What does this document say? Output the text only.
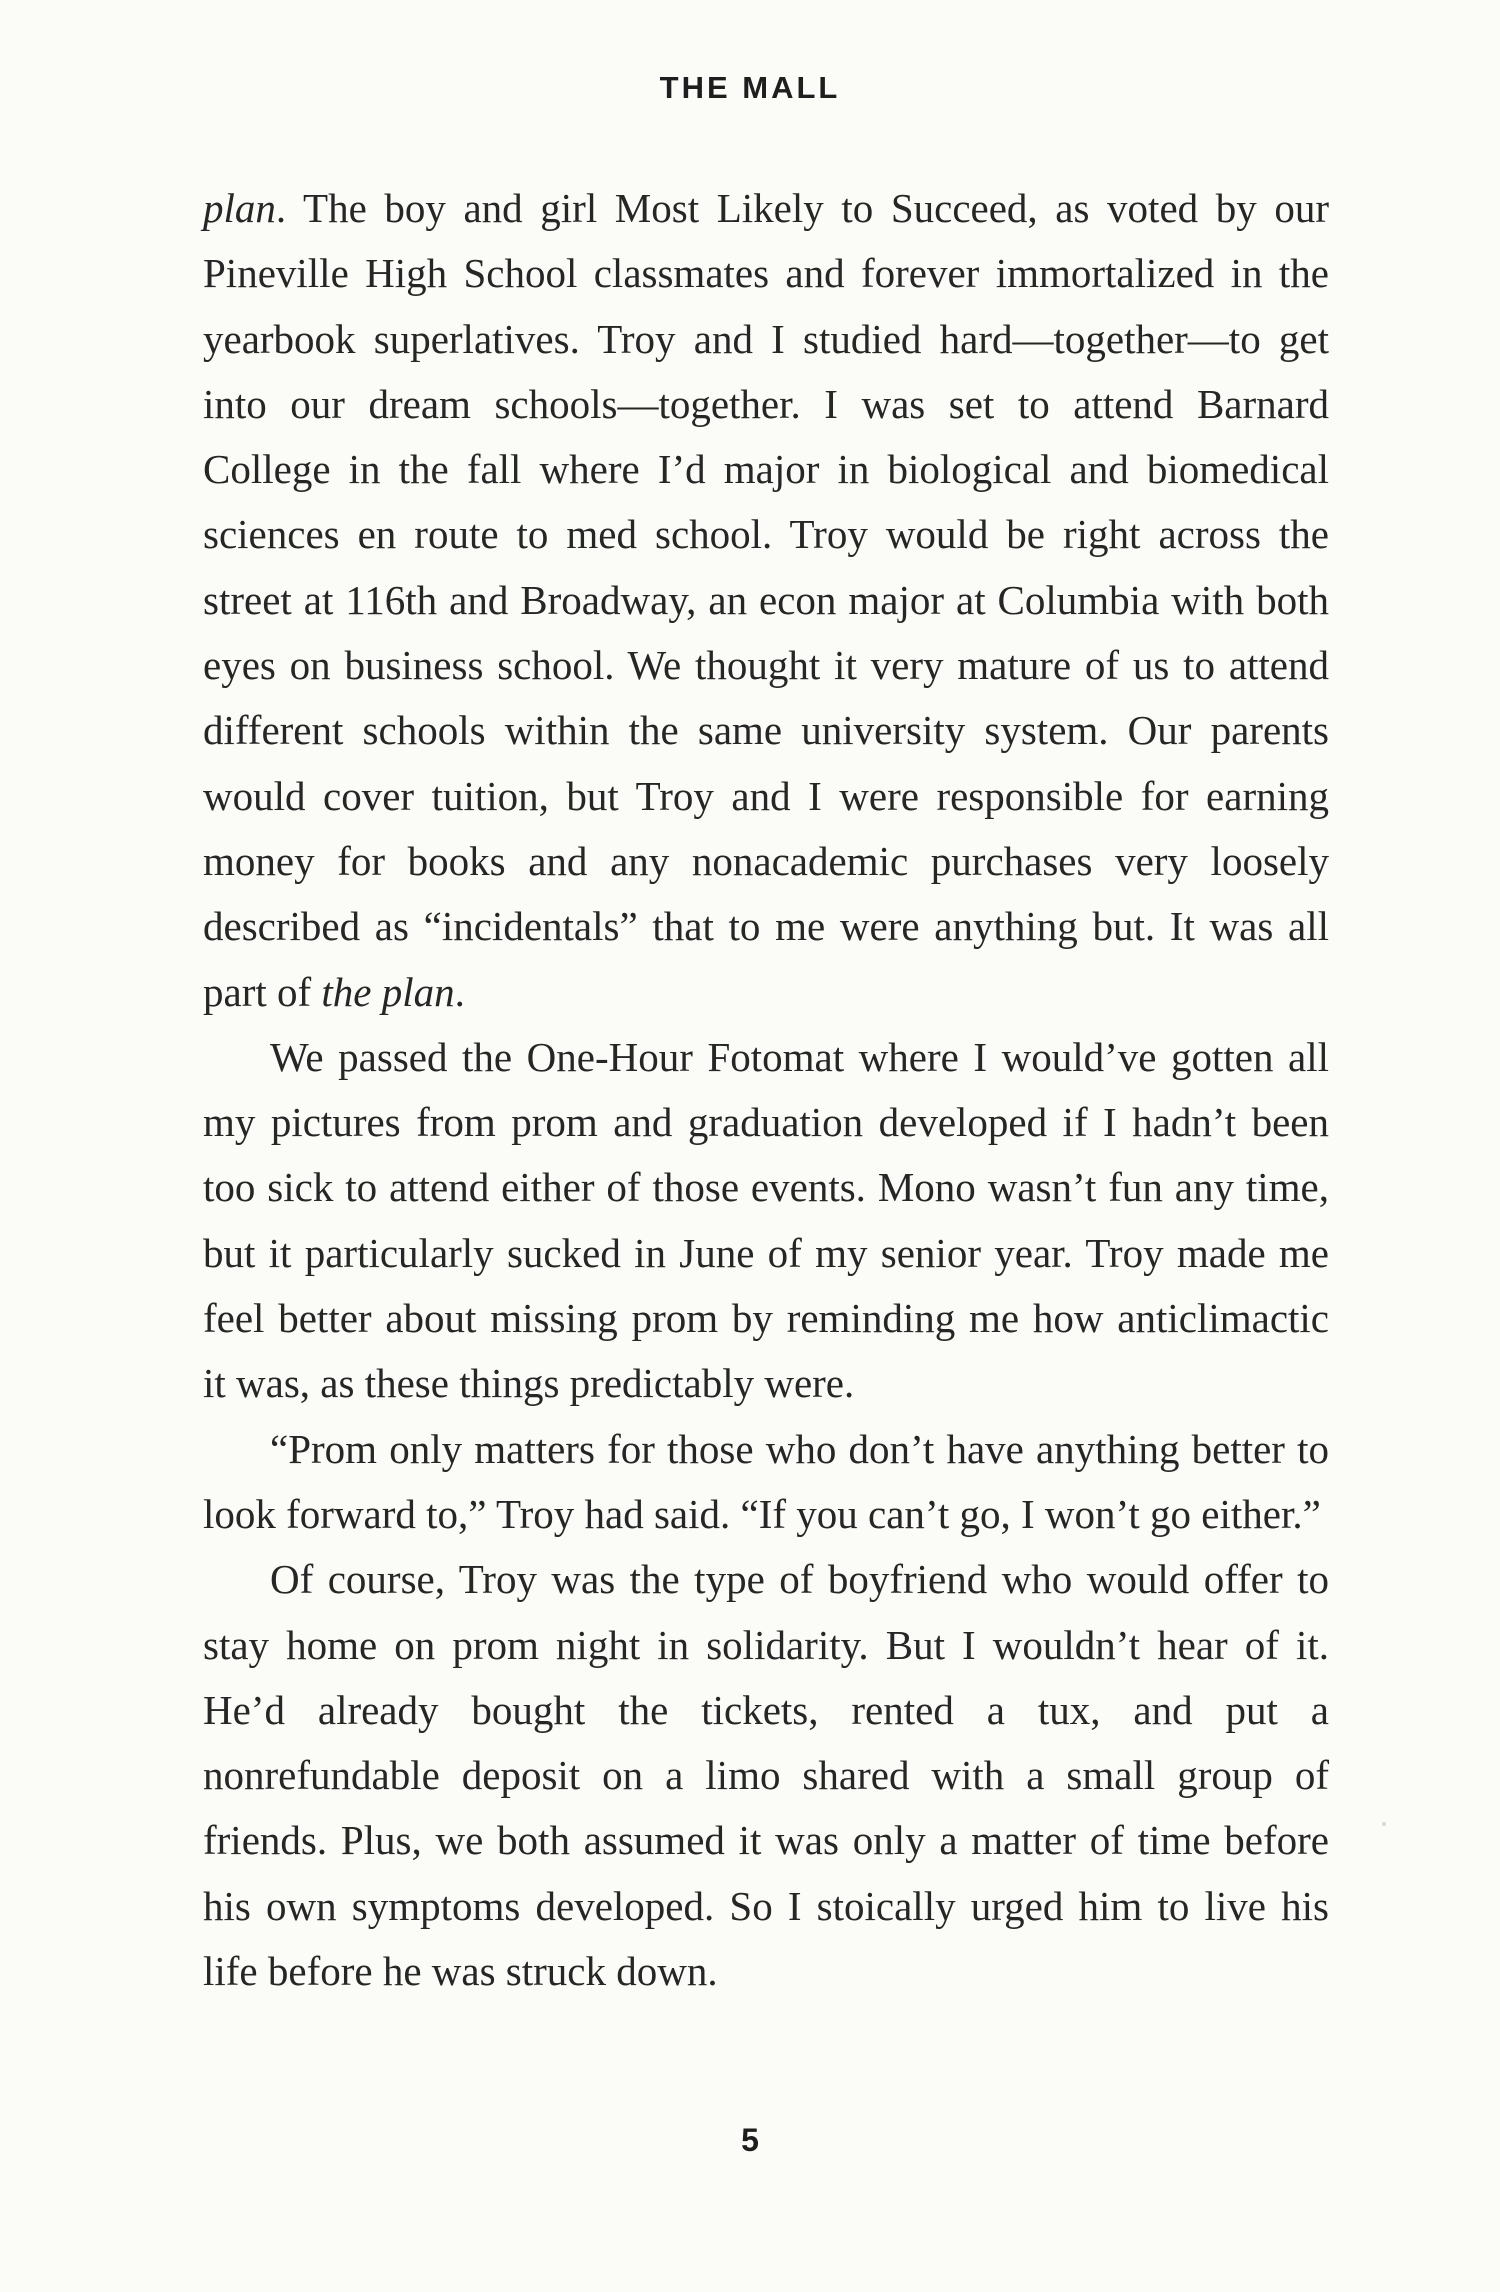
THE MALL

plan. The boy and girl Most Likely to Succeed, as voted by our Pineville High School classmates and forever immortalized in the yearbook superlatives. Troy and I studied hard—together—to get into our dream schools—together. I was set to attend Barnard College in the fall where I’d major in biological and biomedical sciences en route to med school. Troy would be right across the street at 116th and Broadway, an econ major at Columbia with both eyes on business school. We thought it very mature of us to attend different schools within the same university system. Our parents would cover tuition, but Troy and I were responsible for earning money for books and any nonacademic purchases very loosely described as “incidentals” that to me were anything but. It was all part of the plan.

We passed the One-Hour Fotomat where I would’ve gotten all my pictures from prom and graduation developed if I hadn’t been too sick to attend either of those events. Mono wasn’t fun any time, but it particularly sucked in June of my senior year. Troy made me feel better about missing prom by reminding me how anticlimactic it was, as these things predictably were.

“Prom only matters for those who don’t have anything better to look forward to,” Troy had said. “If you can’t go, I won’t go either.”

Of course, Troy was the type of boyfriend who would offer to stay home on prom night in solidarity. But I wouldn’t hear of it. He’d already bought the tickets, rented a tux, and put a nonrefundable deposit on a limo shared with a small group of friends. Plus, we both assumed it was only a matter of time before his own symptoms developed. So I stoically urged him to live his life before he was struck down.

5
